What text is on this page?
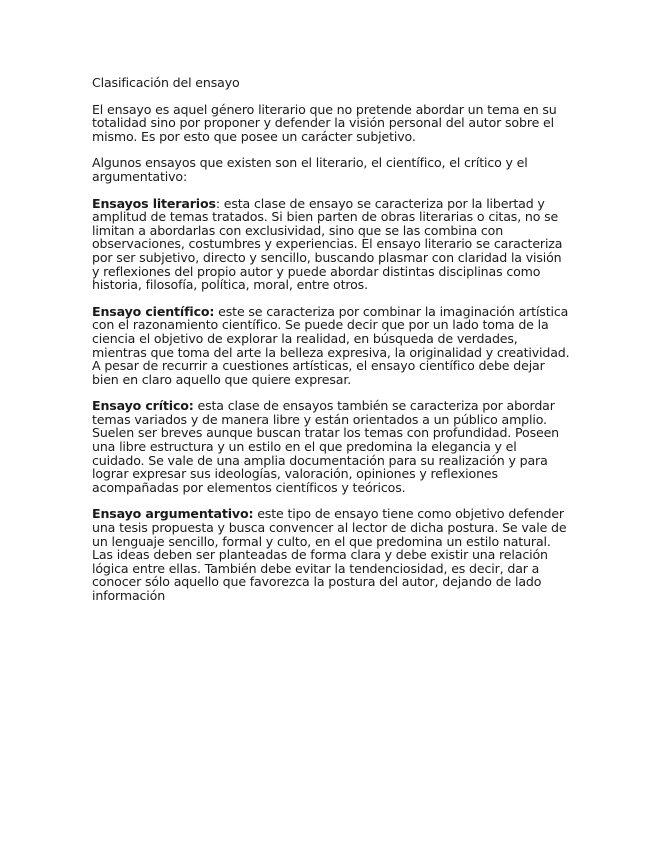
Clasificación del ensayo

El ensayo es aquel género literario que no pretende abordar un tema en su totalidad sino por proponer y defender la visión personal del autor sobre el mismo. Es por esto que posee un carácter subjetivo.

Algunos ensayos que existen son el literario, el científico, el crítico y el argumentativo:

Ensayos literarios: esta clase de ensayo se caracteriza por la libertad y amplitud de temas tratados. Si bien parten de obras literarias o citas, no se limitan a abordarlas con exclusividad, sino que se las combina con observaciones, costumbres y experiencias. El ensayo literario se caracteriza por ser subjetivo, directo y sencillo, buscando plasmar con claridad la visión y reflexiones del propio autor y puede abordar distintas disciplinas como historia, filosofía, política, moral, entre otros.

Ensayo científico: este se caracteriza por combinar la imaginación artística con el razonamiento científico. Se puede decir que por un lado toma de la ciencia el objetivo de explorar la realidad, en búsqueda de verdades, mientras que toma del arte la belleza expresiva, la originalidad y creatividad. A pesar de recurrir a cuestiones artísticas, el ensayo científico debe dejar bien en claro aquello que quiere expresar.

Ensayo crítico: esta clase de ensayos también se caracteriza por abordar temas variados y de manera libre y están orientados a un público amplio. Suelen ser breves aunque buscan tratar los temas con profundidad. Poseen una libre estructura y un estilo en el que predomina la elegancia y el cuidado. Se vale de una amplia documentación para su realización y para lograr expresar sus ideologías, valoración, opiniones y reflexiones acompañadas por elementos científicos y teóricos.

Ensayo argumentativo: este tipo de ensayo tiene como objetivo defender una tesis propuesta y busca convencer al lector de dicha postura. Se vale de un lenguaje sencillo, formal y culto, en el que predomina un estilo natural. Las ideas deben ser planteadas de forma clara y debe existir una relación lógica entre ellas. También debe evitar la tendenciosidad, es decir, dar a conocer sólo aquello que favorezca la postura del autor, dejando de lado información
